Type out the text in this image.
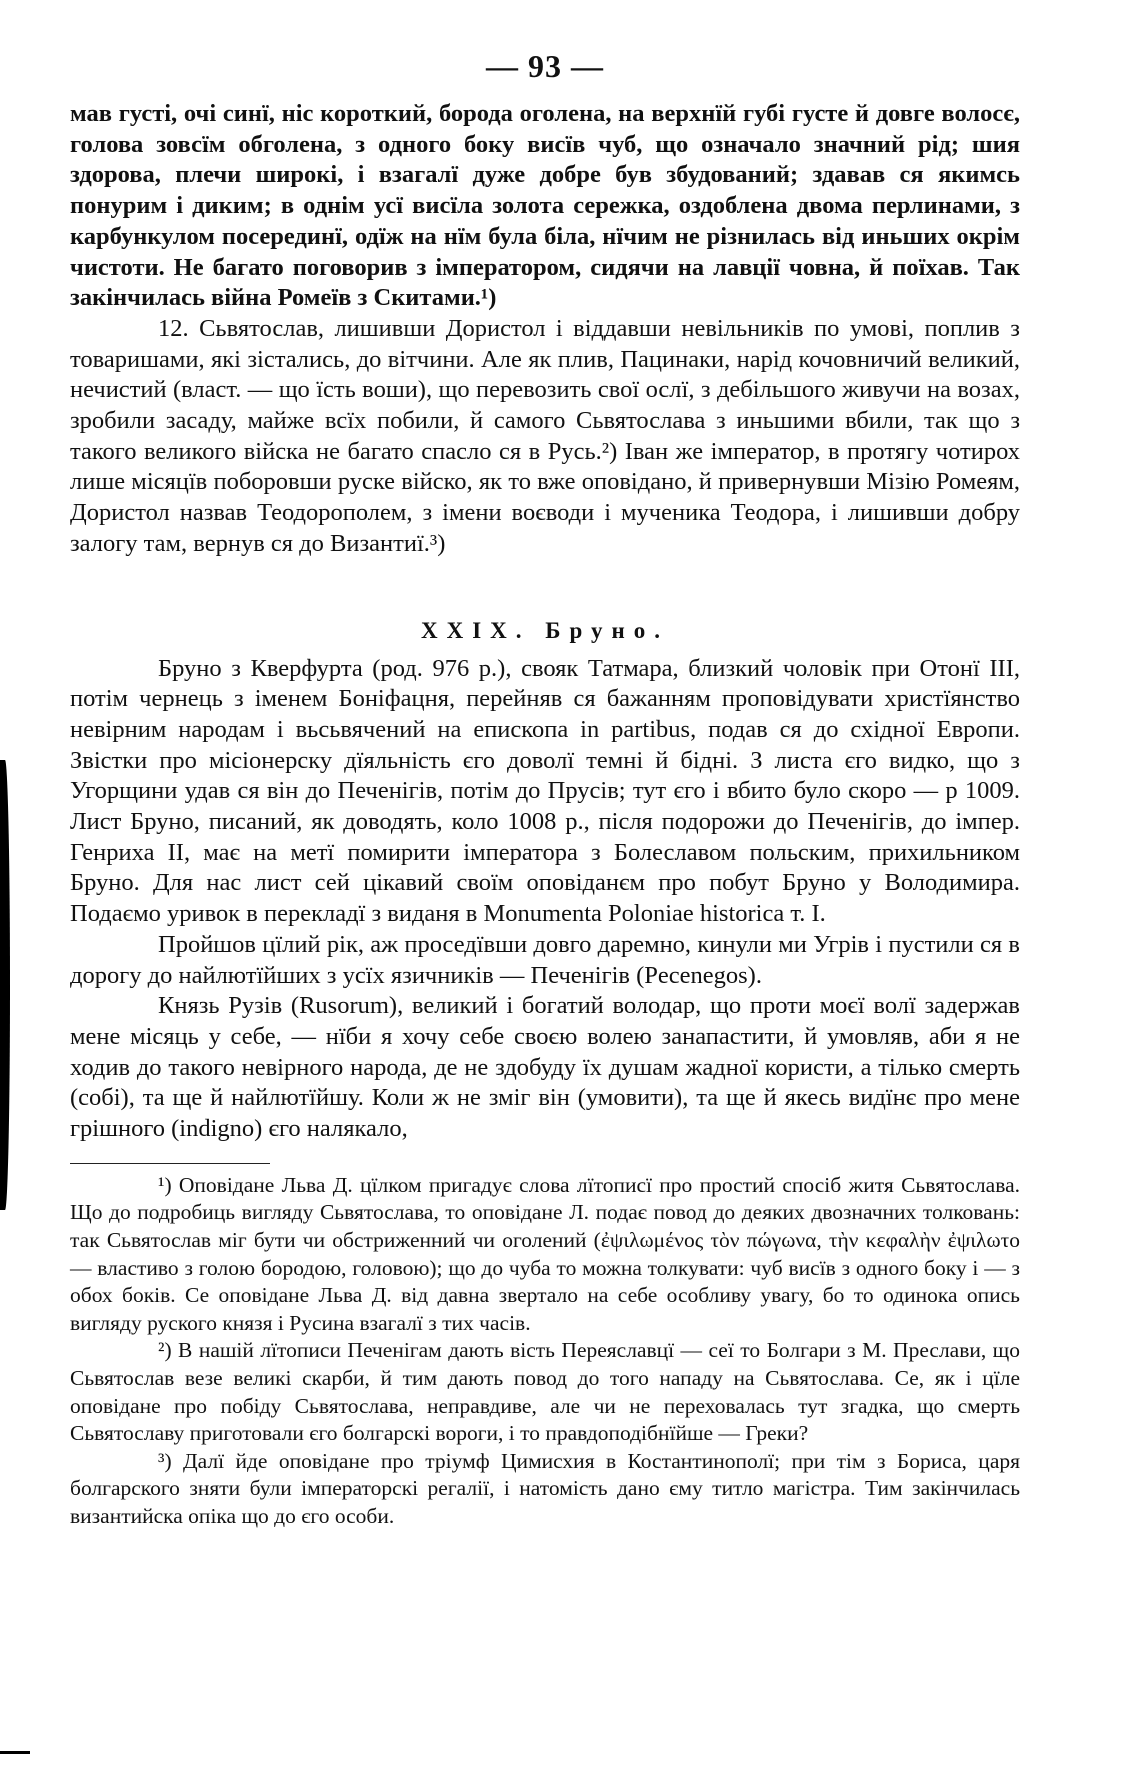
— 93 —

мав густі, очі синї, ніс короткий, борода оголена, на верхнїй губі густе й довге волосє, голова зовсїм обголена, з одного боку висїв чуб, що означало значний рід; шия здорова, плечи широкі, і взагалї дуже добре був збудований; здавав ся якимсь понурим і диким; в однім усї висїла золота сережка, оздоблена двома перлинами, з карбункулом посерединї, одїж на нїм була біла, нїчим не різнилась від иньших окрім чистоти. Не багато поговорив з імператором, сидячи на лавції човна, й поїхав. Так закінчилась війна Ромеїв з Скитами.¹)

12. Сьвятослав, лишивши Дористол і віддавши невільників по умові, поплив з товаришами, які зістались, до вітчини. Але як плив, Пацинаки, нарід кочовничий великий, нечистий (власт. — що їсть воши), що перевозить свої ослї, з дебільшого живучи на возах, зробили засаду, майже всїх побили, й самого Сьвятослава з иньшими вбили, так що з такого великого війска не багато спасло ся в Русь.²) Іван же імператор, в протягу чотирох лише місяцїв поборовши руске війско, як то вже оповідано, й привернувши Мізію Ромеям, Дористол назвав Теодорополем, з імени воєводи і мученика Теодора, і лишивши добру залогу там, вернув ся до Византиї.³)

XXIX. Бруно.

Бруно з Кверфурта (род. 976 р.), свояк Татмара, близкий чоловік при Отонї III, потім чернець з іменем Боніфацня, перейняв ся бажанням проповідувати христїянство невірним народам і вьсьвячений на епископа in partibus, подав ся до східної Европи. Звістки про місіонерску дїяльність єго доволї темні й бідні. З листа єго видко, що з Угорщини удав ся він до Печенігів, потім до Прусів; тут єго і вбито було скоро — р 1009. Лист Бруно, писаний, як доводять, коло 1008 р., після подорожи до Печенігів, до імпер. Генриха II, має на метї помирити імператора з Болеславом польским, прихильником Бруно. Для нас лист сей цікавий своїм оповіданєм про побут Бруно у Володимира. Подаємо уривок в перекладї з виданя в Monumenta Poloniae historica т. I.

Пройшов цїлий рік, аж проседївши довго даремно, кинули ми Угрів і пустили ся в дорогу до найлютїйших з усїх язичників — Печенігів (Pecenegos).

Князь Рузів (Rusorum), великий і богатий володар, що проти моєї волї задержав мене місяць у себе, — нїби я хочу себе своєю волею занапастити, й умовляв, аби я не ходив до такого невірного народа, де не здобуду їх душам жадної користи, а тілько смерть (собі), та ще й найлютїйшу. Коли ж не зміг він (умовити), та ще й якесь видїнє про мене грішного (indigno) єго налякало,

¹) Оповідане Льва Д. цїлком пригадує слова лїтописї про простий спосіб житя Сьвятослава. Що до подробиць вигляду Сьвятослава, то оповідане Л. подає повод до деяких двозначних толковань: так Сьвятослав міг бути чи обстриженний чи оголений (ἐψιλωμένος τὸν πώγωνα, τὴν κεφαλὴν ἐψιλωτο — властиво з голою бородою, головою); що до чуба то можна толкувати: чуб висїв з одного боку і — з обох боків. Се оповідане Льва Д. від давна звертало на себе особливу увагу, бо то одинока опись вигляду руского князя і Русина взагалї з тих часів.

²) В нашій лїтописи Печенігам дають вість Переяславцї — сеї то Болгари з М. Преслави, що Сьвятослав везе великі скарби, й тим дають повод до того нападу на Сьвятослава. Се, як і цїле оповідане про побіду Сьвятослава, неправдиве, але чи не переховалась тут згадка, що смерть Сьвятославу приготовали єго болгарскі вороги, і то правдоподібнїйше — Греки?

³) Далї йде оповідане про тріумф Цимисхия в Костантинополї; при тім з Бориса, царя болгарского зняти були імператорскі регалії, і натомість дано єму титло магістра. Тим закінчилась византийска опіка що до єго особи.
